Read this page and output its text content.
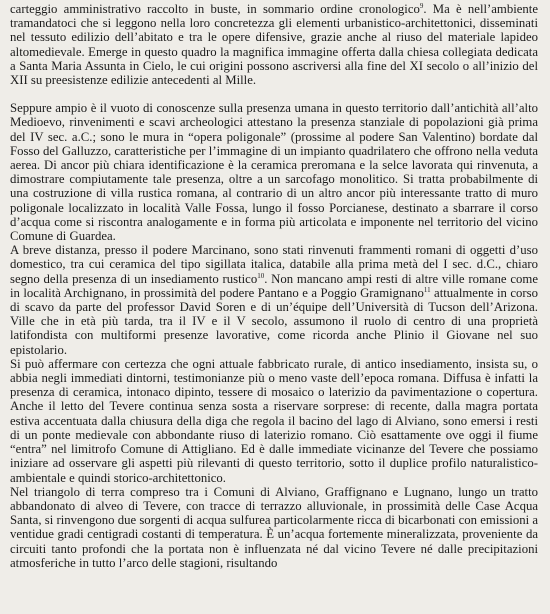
carteggio amministrativo raccolto in buste, in sommario ordine cronologico$^9$. Ma è nell’ambiente tramandatoci che si leggono nella loro concretezza gli elementi urbanistico-architettonici, disseminati nel tessuto edilizio dell’abitato e tra le opere difensive, grazie anche al riuso del materiale lapideo altomedievale. Emerge in questo quadro la magnifica immagine offerta dalla chiesa collegiata dedicata a Santa Maria Assunta in Cielo, le cui origini possono ascriversi alla fine del XI secolo o all’inizio del XII su preesistenze edilizie antecedenti al Mille.

Seppure ampio è il vuoto di conoscenze sulla presenza umana in questo territorio dall’antichità all’alto Medioevo, rinvenimenti e scavi archeologici attestano la presenza stanziale di popolazioni già prima del IV sec. a.C.; sono le mura in “opera poligonale” (prossime al podere San Valentino) bordate dal Fosso del Galluzzo, caratteristiche per l’immagine di un impianto quadrilatero che offrono nella veduta aerea. Di ancor più chiara identificazione è la ceramica preromana e la selce lavorata qui rinvenuta, a dimostrare compiutamente tale presenza, oltre a un sarcofago monolitico. Si tratta probabilmente di una costruzione di villa rustica romana, al contrario di un altro ancor più interessante tratto di muro poligonale localizzato in località Valle Fossa, lungo il fosso Porcianese, destinato a sbarrare il corso d’acqua come si riscontra analogamente e in forma più articolata e imponente nel territorio del vicino Comune di Guardea.

A breve distanza, presso il podere Marcinano, sono stati rinvenuti frammenti romani di oggetti d’uso domestico, tra cui ceramica del tipo sigillata italica, databile alla prima metà del I sec. d.C., chiaro segno della presenza di un insediamento rustico$^{10}$. Non mancano ampi resti di altre ville romane come in località Archignano, in prossimità del podere Pantano e a Poggio Gramignano$^{11}$ attualmente in corso di scavo da parte del professor David Soren e di un’équipe dell’Università di Tucson dell’Arizona. Ville che in età più tarda, tra il IV e il V secolo, assumono il ruolo di centro di una proprietà latifondista con multiformi presenze lavorative, come ricorda anche Plinio il Giovane nel suo epistolario.

Si può affermare con certezza che ogni attuale fabbricato rurale, di antico insediamento, insista su, o abbia negli immediati dintorni, testimonianze più o meno vaste dell’epoca romana. Diffusa è infatti la presenza di ceramica, intonaco dipinto, tessere di mosaico o laterizio da pavimentazione o copertura. Anche il letto del Tevere continua senza sosta a riservare sorprese: di recente, dalla magra portata estiva accentuata dalla chiusura della diga che regola il bacino del lago di Alviano, sono emersi i resti di un ponte medievale con abbondante riuso di laterizio romano. Ciò esattamente ove oggi il fiume “entra” nel limitrofo Comune di Attigliano. Ed è dalle immediate vicinanze del Tevere che possiamo iniziare ad osservare gli aspetti più rilevanti di questo territorio, sotto il duplice profilo naturalistico-ambientale e quindi storico-architettonico.

Nel triangolo di terra compreso tra i Comuni di Alviano, Graffignano e Lugnano, lungo un tratto abbandonato di alveo di Tevere, con tracce di terrazzo alluvionale, in prossimità delle Case Acqua Santa, si rinvengono due sorgenti di acqua sulfurea particolarmente ricca di bicarbonati con emissioni a ventidue gradi centigradi costanti di temperatura. È un’acqua fortemente mineralizzata, proveniente da circuiti tanto profondi che la portata non è influenzata né dal vicino Tevere né dalle precipitazioni atmosferiche in tutto l’arco delle stagioni, risultando
